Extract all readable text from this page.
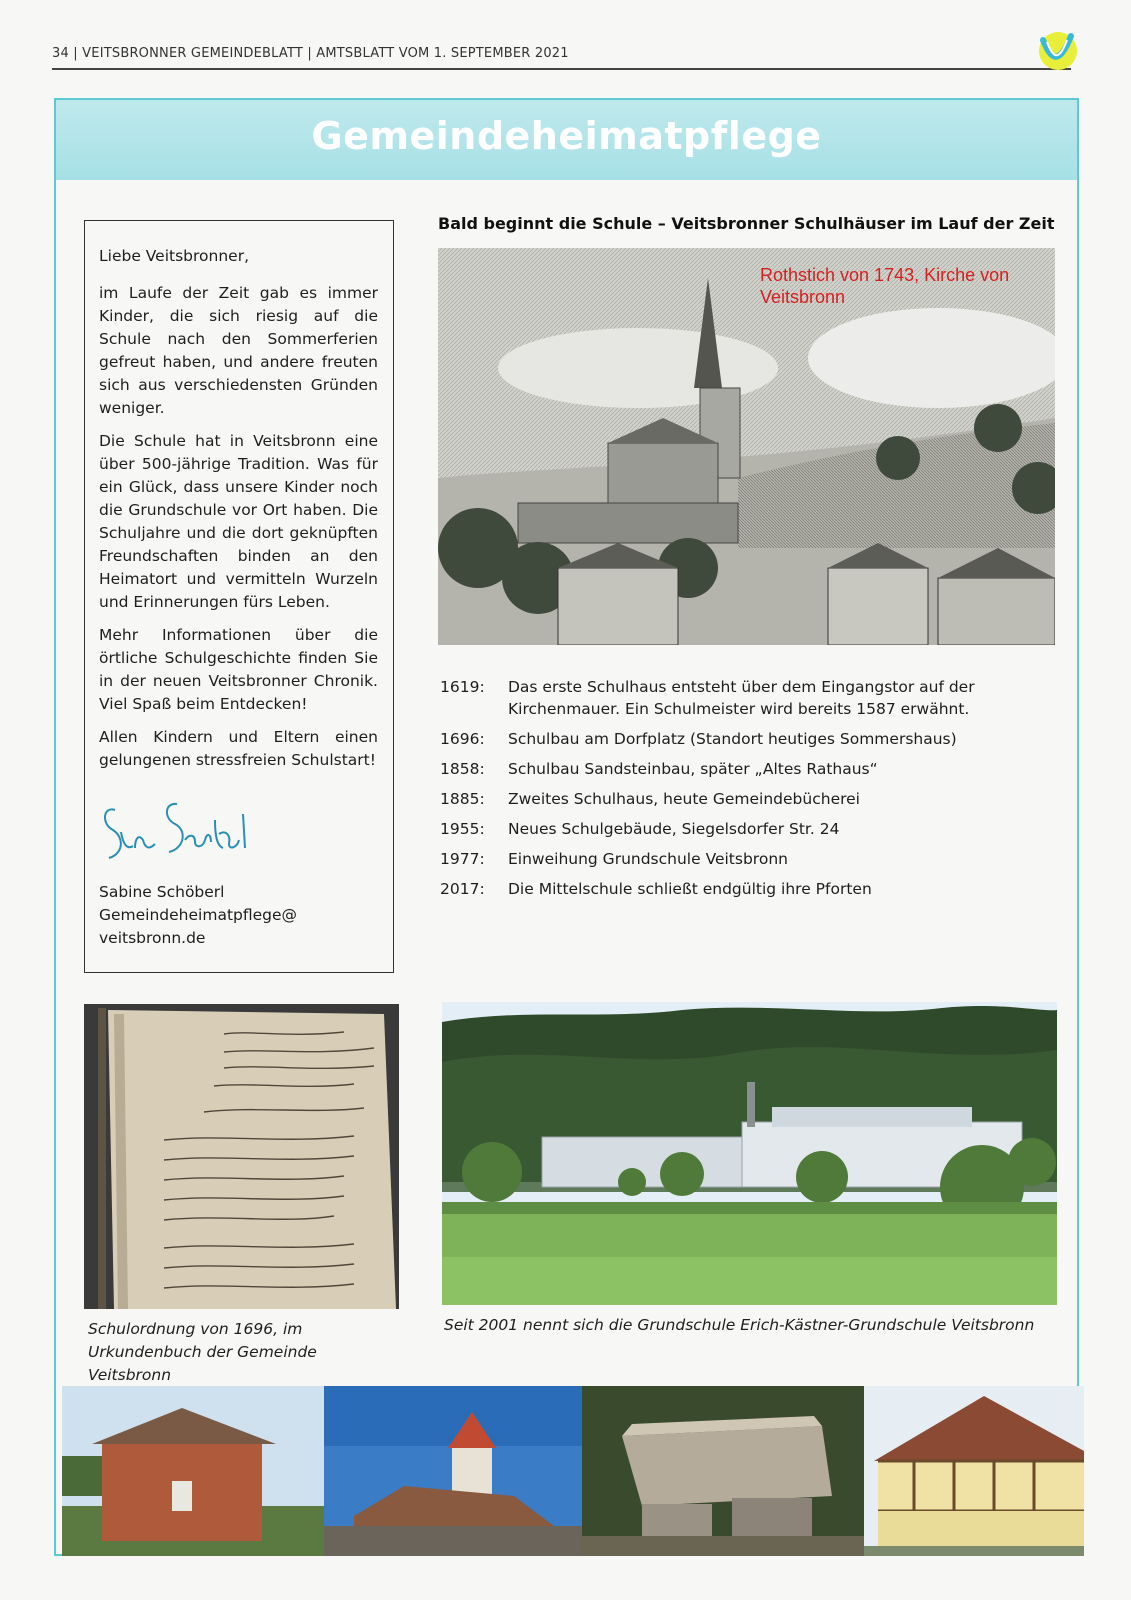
34 | VEITSBRONNER GEMEINDEBLATT | AMTSBLATT VOM 1. SEPTEMBER 2021
Gemeindeheimatpflege

Liebe Veitsbronner,

im Laufe der Zeit gab es immer Kinder, die sich riesig auf die Schule nach den Sommerferien gefreut haben, und andere freuten sich aus verschiedensten Gründen weniger.

Die Schule hat in Veitsbronn eine über 500-jährige Tradition. Was für ein Glück, dass unsere Kinder noch die Grundschule vor Ort haben. Die Schuljahre und die dort geknüpften Freundschaften binden an den Heimatort und vermitteln Wurzeln und Erinnerungen fürs Leben.

Mehr Informationen über die örtliche Schulgeschichte finden Sie in der neuen Veitsbronner Chronik. Viel Spaß beim Entdecken!

Allen Kindern und Eltern einen gelungenen stressfreien Schulstart!

Sabine Schöberl
Gemeindeheimatpflege@
veitsbronn.de
Bald beginnt die Schule – Veitsbronner Schulhäuser im Lauf der Zeit
Rothstich von 1743, Kirche von Veitsbronn
1619:	Das erste Schulhaus entsteht über dem Eingangstor auf der Kirchenmauer. Ein Schulmeister wird bereits 1587 erwähnt.
1696:	Schulbau am Dorfplatz (Standort heutiges Sommershaus)
1858:	Schulbau Sandsteinbau, später „Altes Rathaus“
1885:	Zweites Schulhaus, heute Gemeindebücherei
1955:	Neues Schulgebäude, Siegelsdorfer Str. 24
1977:	Einweihung Grundschule Veitsbronn
2017:	Die Mittelschule schließt endgültig ihre Pforten
Schulordnung von 1696, im Urkundenbuch der Gemeinde Veitsbronn
Seit 2001 nennt sich die Grundschule Erich-Kästner-Grundschule Veitsbronn
